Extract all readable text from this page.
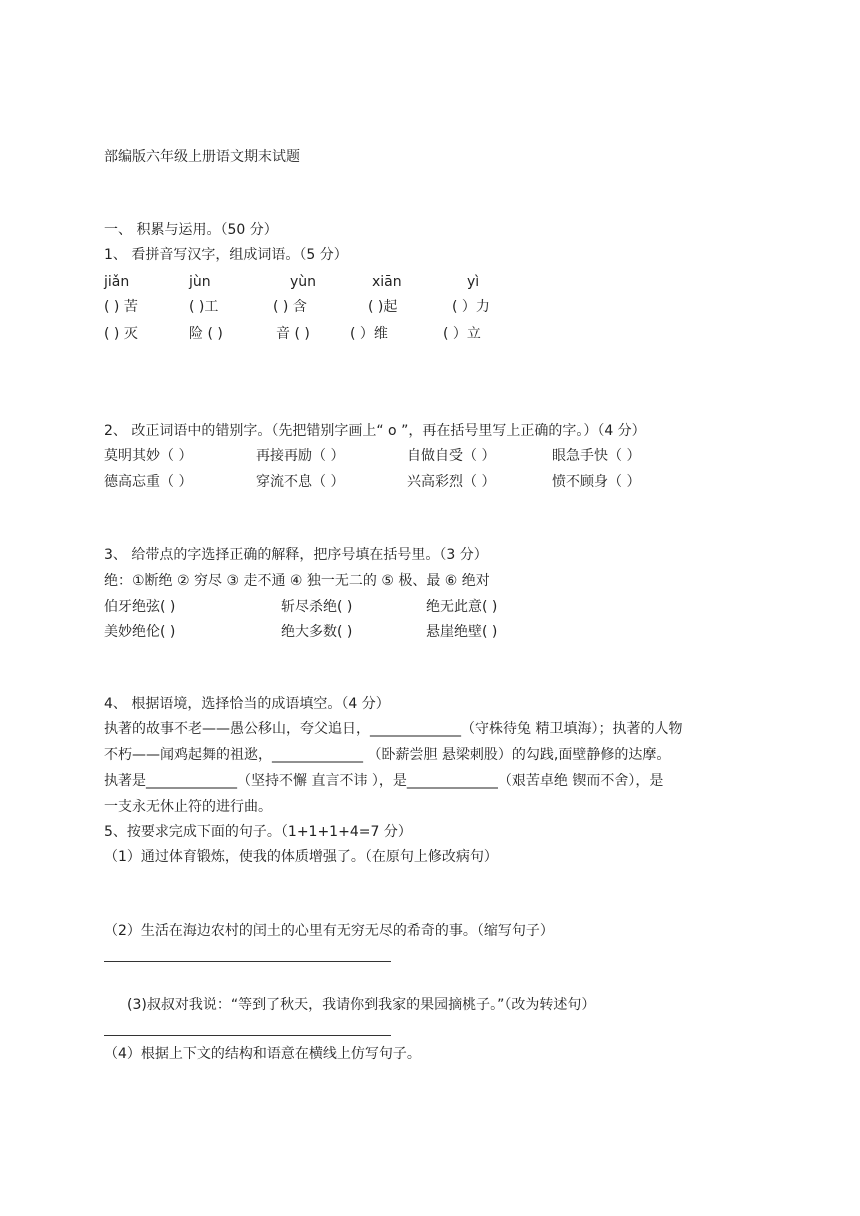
部编版六年级上册语文期末试题
一、 积累与运用。（50 分）
1、 看拼音写汉字，组成词语。（5 分）
jiǎn	jùn	yùn	xiān	yì
( ) 苦	( )工	( ) 含	( )起	( ）力
( ) 灭	险 ( )	音 ( )	( ）维	( ）立
2、 改正词语中的错别字。（先把错别字画上“ o ”，再在括号里写上正确的字。）（4 分）
莫明其妙（ ）	再接再励（ ）	自做自受（ ）	眼急手快（ ）
德高忘重（ ）	穿流不息（ ）	兴高彩烈（ ）	愤不顾身（ ）
3、 给带点的字选择正确的解释，把序号填在括号里。（3 分）
绝：①断绝 ② 穷尽 ③ 走不通 ④ 独一无二的 ⑤ 极、最 ⑥ 绝对
伯牙绝弦( )	斩尽杀绝( )	绝无此意( )
美妙绝伦( )	绝大多数( )	悬崖绝壁( )
4、 根据语境，选择恰当的成语填空。（4 分）
执著的故事不老——愚公移山，夸父追日，_____________（守株待兔 精卫填海）；执著的人物
不朽——闻鸡起舞的祖逖，_____________ （卧薪尝胆 悬梁刺股）的勾践,面壁静修的达摩。
执著是_____________（坚持不懈 直言不讳 ），是_____________（艰苦卓绝 锲而不舍），是
一支永无休止符的进行曲。
5、按要求完成下面的句子。（1+1+1+4=7 分）
（1）通过体育锻炼，使我的体质增强了。（在原句上修改病句）
（2）生活在海边农村的闰土的心里有无穷无尽的希奇的事。（缩写句子）
(3)叔叔对我说：“等到了秋天，我请你到我家的果园摘桃子。”（改为转述句）
（4）根据上下文的结构和语意在横线上仿写句子。
